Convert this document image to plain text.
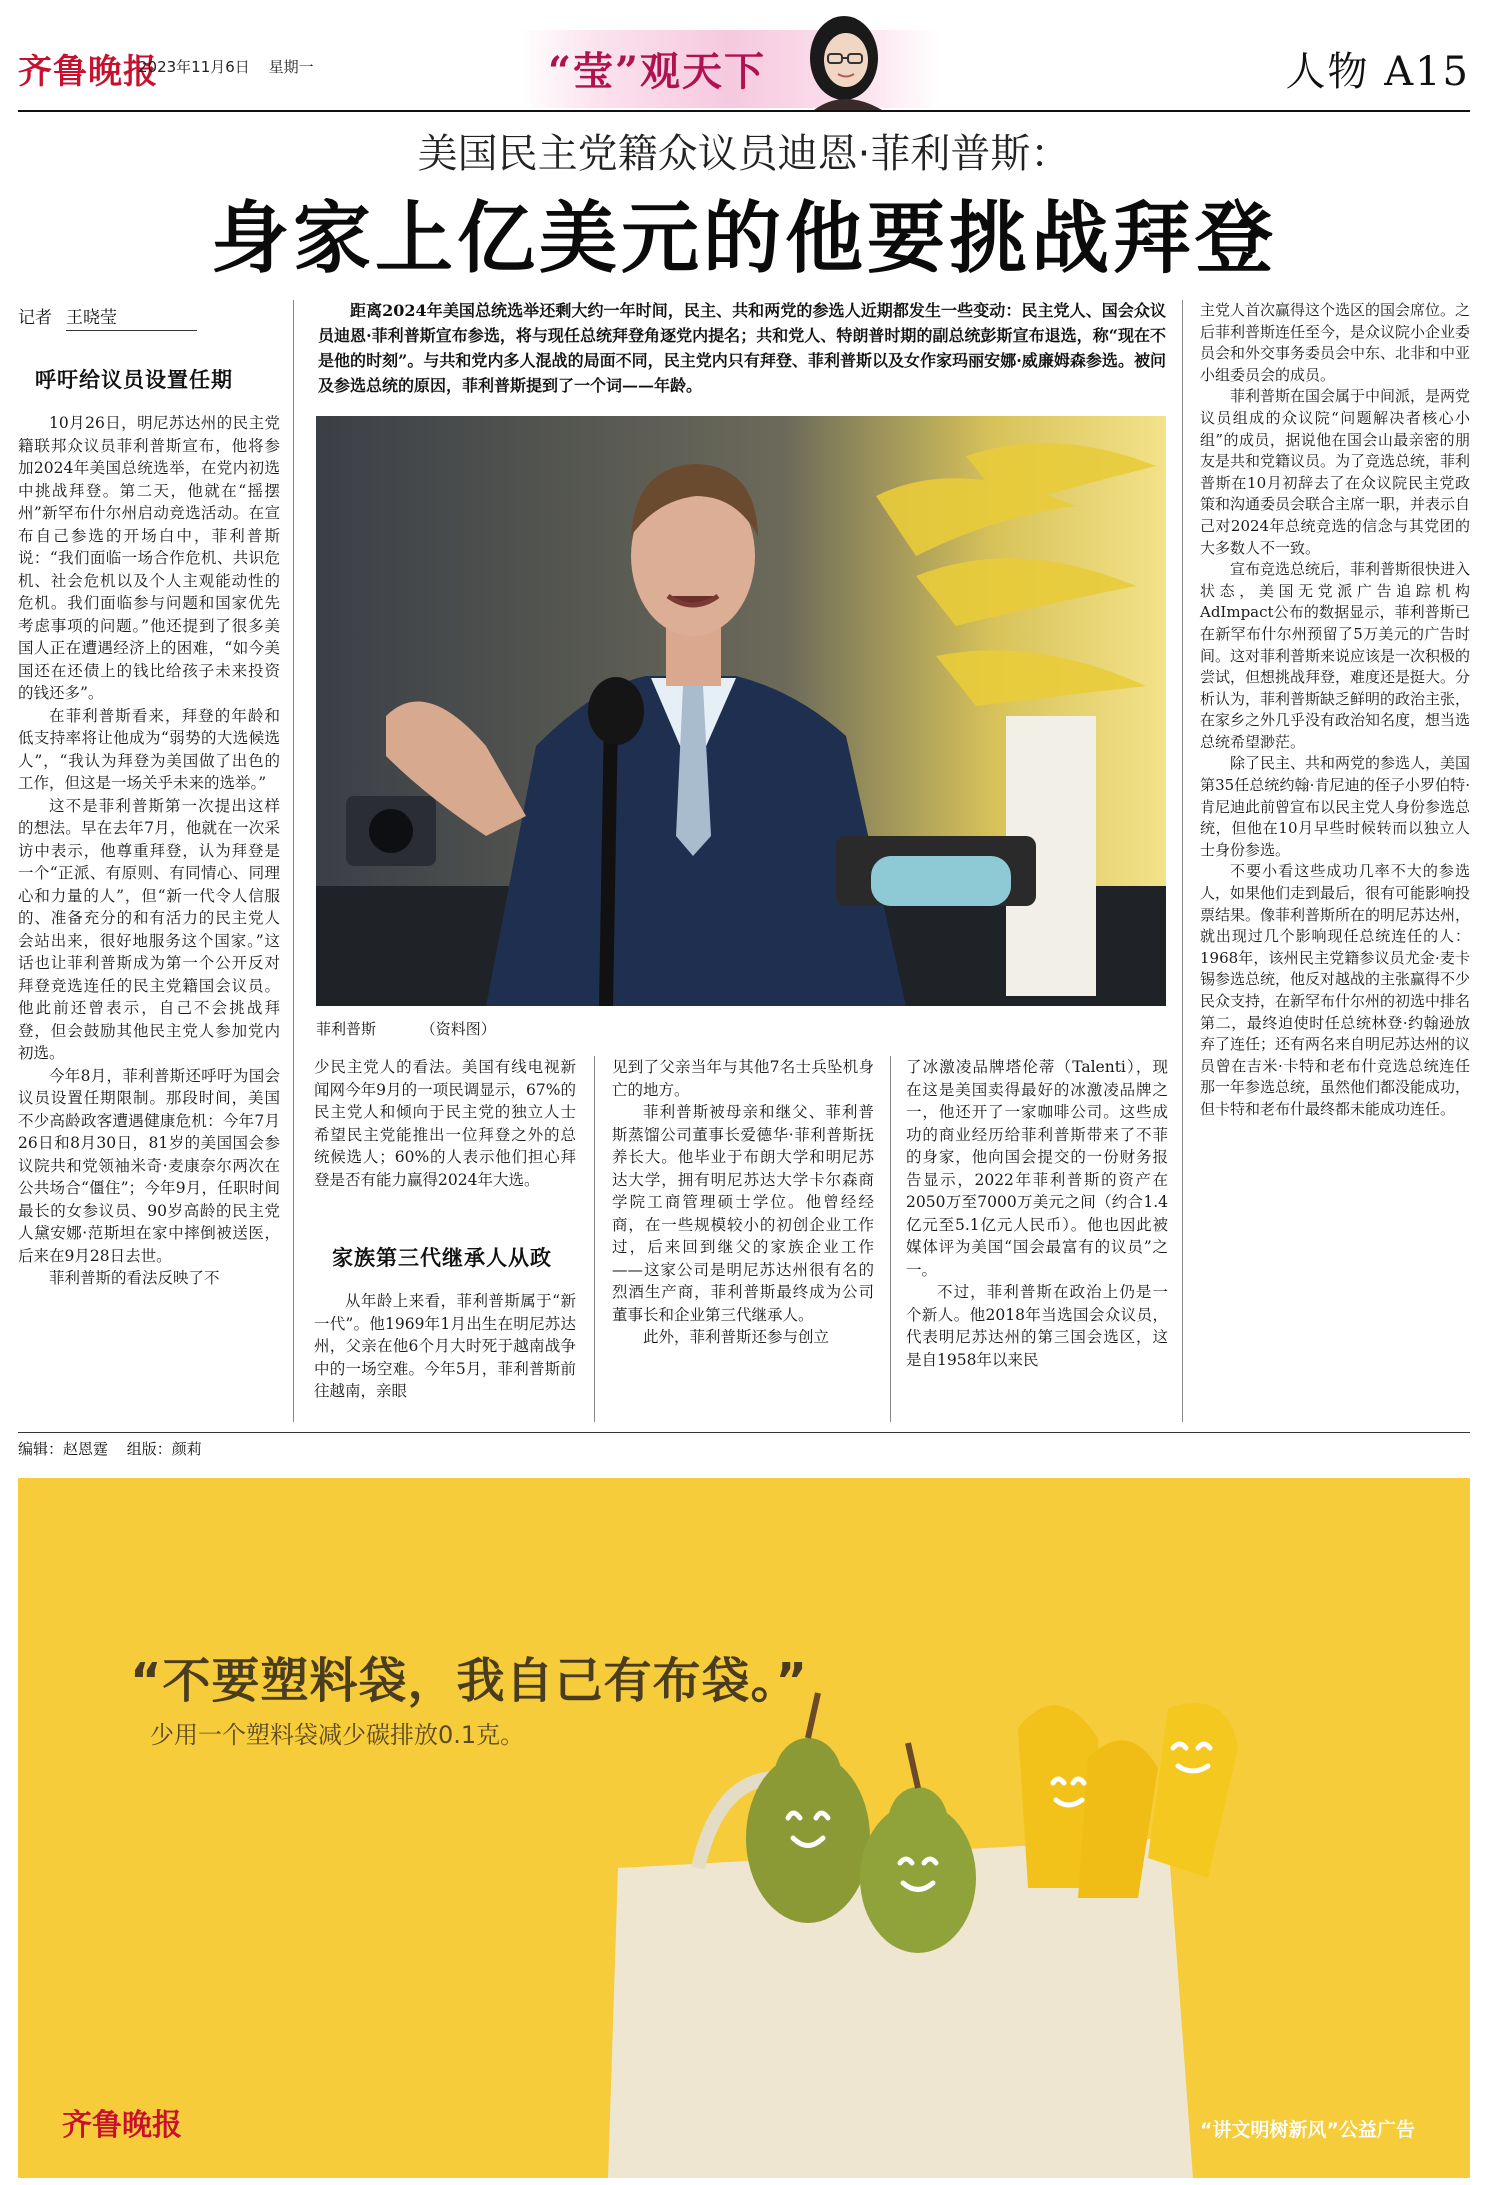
齐鲁晚报
2023年11月6日 星期一	“莹”观天下	人物 A15
美国民主党籍众议员迪恩·菲利普斯：
身家上亿美元的他要挑战拜登
记者 王晓莹
呼吁给议员设置任期

10月26日，明尼苏达州的民主党籍联邦众议员菲利普斯宣布，他将参加2024年美国总统选举，在党内初选中挑战拜登。第二天，他就在“摇摆州”新罕布什尔州启动竞选活动。在宣布自己参选的开场白中，菲利普斯说：“我们面临一场合作危机、共识危机、社会危机以及个人主观能动性的危机。我们面临参与问题和国家优先考虑事项的问题。”他还提到了很多美国人正在遭遇经济上的困难，“如今美国还在还债上的钱比给孩子未来投资的钱还多”。

在菲利普斯看来，拜登的年龄和低支持率将让他成为“弱势的大选候选人”，“我认为拜登为美国做了出色的工作，但这是一场关乎未来的选举。”

这不是菲利普斯第一次提出这样的想法。早在去年7月，他就在一次采访中表示，他尊重拜登，认为拜登是一个“正派、有原则、有同情心、同理心和力量的人”，但“新一代令人信服的、准备充分的和有活力的民主党人会站出来，很好地服务这个国家。”这话也让菲利普斯成为第一个公开反对拜登竞选连任的民主党籍国会议员。他此前还曾表示，自己不会挑战拜登，但会鼓励其他民主党人参加党内初选。

今年8月，菲利普斯还呼吁为国会议员设置任期限制。那段时间，美国不少高龄政客遭遇健康危机：今年7月26日和8月30日，81岁的美国国会参议院共和党领袖米奇·麦康奈尔两次在公共场合“僵住”；今年9月，任职时间最长的女参议员、90岁高龄的民主党人黛安娜·范斯坦在家中摔倒被送医，后来在9月28日去世。

菲利普斯的看法反映了不

距离2024年美国总统选举还剩大约一年时间，民主、共和两党的参选人近期都发生一些变动：民主党人、国会众议员迪恩·菲利普斯宣布参选，将与现任总统拜登角逐党内提名；共和党人、特朗普时期的副总统彭斯宣布退选，称“现在不是他的时刻”。与共和党内多人混战的局面不同，民主党内只有拜登、菲利普斯以及女作家玛丽安娜·威廉姆森参选。被问及参选总统的原因，菲利普斯提到了一个词——年龄。
菲利普斯	（资料图）
少民主党人的看法。美国有线电视新闻网今年9月的一项民调显示，67%的民主党人和倾向于民主党的独立人士希望民主党能推出一位拜登之外的总统候选人；60%的人表示他们担心拜登是否有能力赢得2024年大选。
家族第三代继承人从政

从年龄上来看，菲利普斯属于“新一代”。他1969年1月出生在明尼苏达州，父亲在他6个月大时死于越南战争中的一场空难。今年5月，菲利普斯前往越南，亲眼

见到了父亲当年与其他7名士兵坠机身亡的地方。

菲利普斯被母亲和继父、菲利普斯蒸馏公司董事长爱德华·菲利普斯抚养长大。他毕业于布朗大学和明尼苏达大学，拥有明尼苏达大学卡尔森商学院工商管理硕士学位。他曾经经商，在一些规模较小的初创企业工作过，后来回到继父的家族企业工作——这家公司是明尼苏达州很有名的烈酒生产商，菲利普斯最终成为公司董事长和企业第三代继承人。

此外，菲利普斯还参与创立

了冰激凌品牌塔伦蒂（Talenti），现在这是美国卖得最好的冰激凌品牌之一，他还开了一家咖啡公司。这些成功的商业经历给菲利普斯带来了不菲的身家，他向国会提交的一份财务报告显示，2022年菲利普斯的资产在2050万至7000万美元之间（约合1.4亿元至5.1亿元人民币）。他也因此被媒体评为美国“国会最富有的议员”之一。

不过，菲利普斯在政治上仍是一个新人。他2018年当选国会众议员，代表明尼苏达州的第三国会选区，这是自1958年以来民

主党人首次赢得这个选区的国会席位。之后菲利普斯连任至今，是众议院小企业委员会和外交事务委员会中东、北非和中亚小组委员会的成员。

菲利普斯在国会属于中间派，是两党议员组成的众议院“问题解决者核心小组”的成员，据说他在国会山最亲密的朋友是共和党籍议员。为了竞选总统，菲利普斯在10月初辞去了在众议院民主党政策和沟通委员会联合主席一职，并表示自己对2024年总统竞选的信念与其党团的大多数人不一致。

宣布竞选总统后，菲利普斯很快进入状态，美国无党派广告追踪机构AdImpact公布的数据显示，菲利普斯已在新罕布什尔州预留了5万美元的广告时间。这对菲利普斯来说应该是一次积极的尝试，但想挑战拜登，难度还是挺大。分析认为，菲利普斯缺乏鲜明的政治主张，在家乡之外几乎没有政治知名度，想当选总统希望渺茫。

除了民主、共和两党的参选人，美国第35任总统约翰·肯尼迪的侄子小罗伯特·肯尼迪此前曾宣布以民主党人身份参选总统，但他在10月早些时候转而以独立人士身份参选。

不要小看这些成功几率不大的参选人，如果他们走到最后，很有可能影响投票结果。像菲利普斯所在的明尼苏达州，就出现过几个影响现任总统连任的人：1968年，该州民主党籍参议员尤金·麦卡锡参选总统，他反对越战的主张赢得不少民众支持，在新罕布什尔州的初选中排名第二，最终迫使时任总统林登·约翰逊放弃了连任；还有两名来自明尼苏达州的议员曾在吉米·卡特和老布什竞选总统连任那一年参选总统，虽然他们都没能成功，但卡特和老布什最终都未能成功连任。

编辑：赵恩霆 组版：颜莉
“不要塑料袋，我自己有布袋。”
少用一个塑料袋减少碳排放0.1克。
齐鲁晚报	“讲文明树新风”公益广告
